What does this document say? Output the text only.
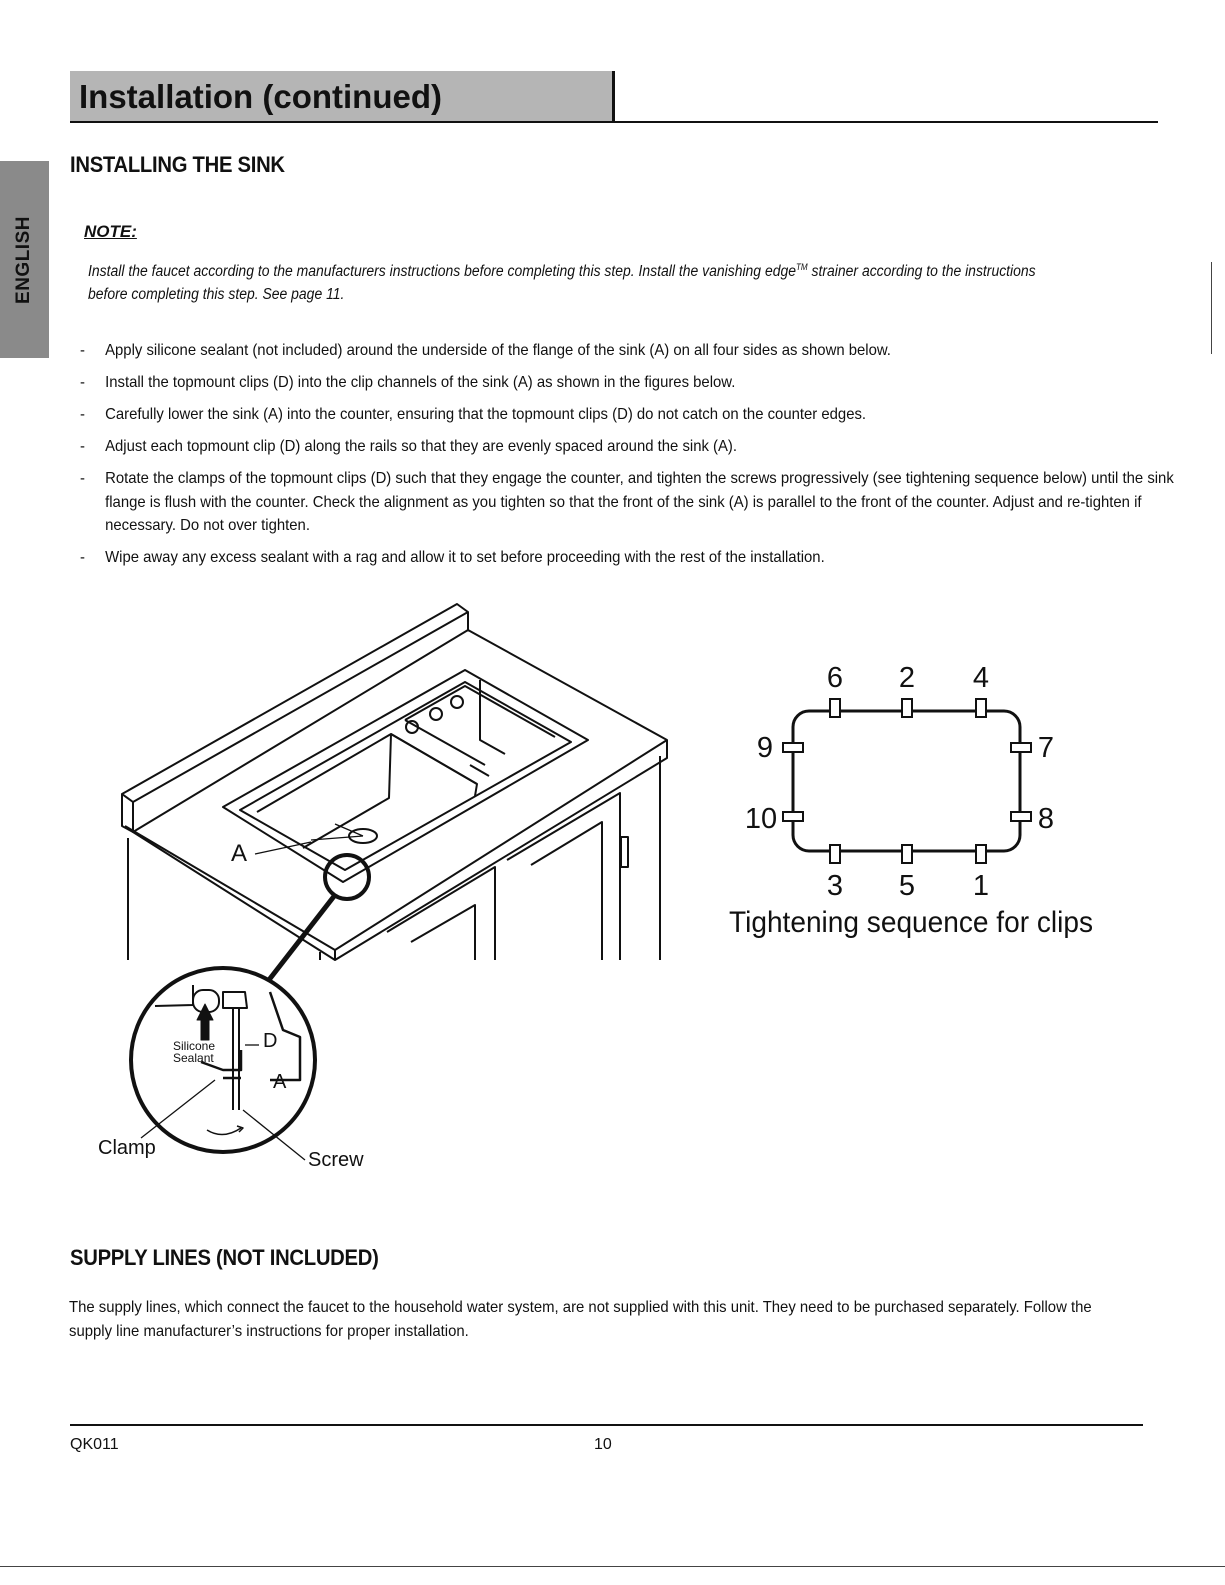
Installation (continued)
ENGLISH
INSTALLING THE SINK
NOTE:
Install the faucet according to the manufacturers instructions before completing this step. Install the vanishing edge™ strainer according to the instructions before completing this step. See page 11.
- Apply silicone sealant (not included) around the underside of the flange of the sink (A) on all four sides as shown below.
- Install the topmount clips (D) into the clip channels of the sink (A) as shown in the figures below.
- Carefully lower the sink (A) into the counter, ensuring that the topmount clips (D) do not catch on the counter edges.
- Adjust each topmount clip (D) along the rails so that they are evenly spaced around the sink (A).
- Rotate the clamps of the topmount clips (D) such that they engage the counter, and tighten the screws progressively (see tightening sequence below) until the sink flange is flush with the counter. Check the alignment as you tighten so that the front of the sink (A) is parallel to the front of the counter. Adjust and re-tighten if necessary. Do not over tighten.
- Wipe away any excess sealant with a rag and allow it to set before proceeding with the rest of the installation.
A
D
A
Silicone
Sealant
Clamp
Screw
6 2 4
9
10
7
8
3 5 1
Tightening sequence for clips
SUPPLY LINES (NOT INCLUDED)
The supply lines, which connect the faucet to the household water system, are not supplied with this unit. They need to be purchased separately. Follow the supply line manufacturer’s instructions for proper installation.
QK011	10
